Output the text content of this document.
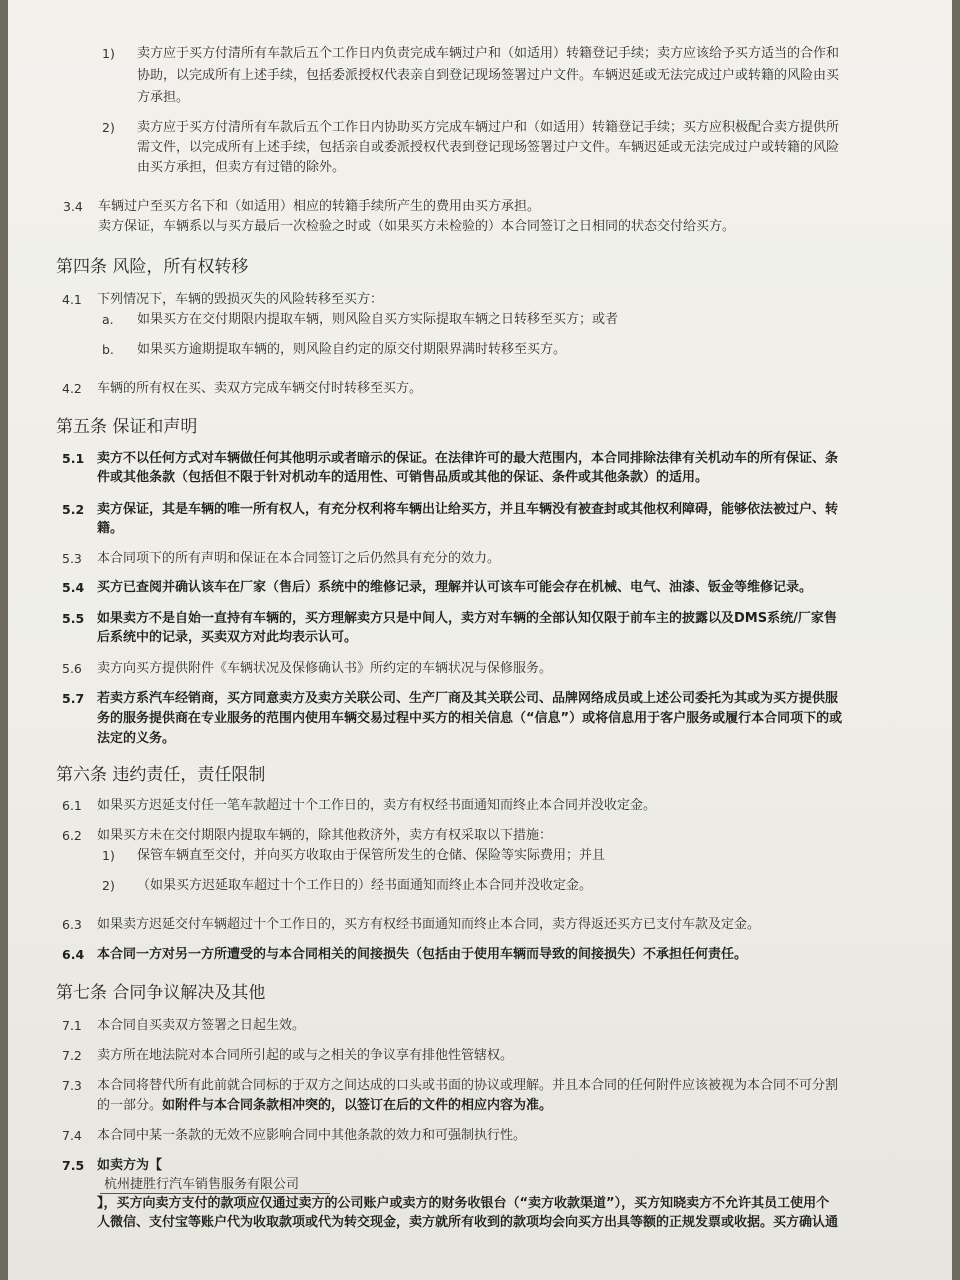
1) 卖方应于买方付清所有车款后五个工作日内负责完成车辆过户和（如适用）转籍登记手续；卖方应该给予买方适当的合作和
协助，以完成所有上述手续，包括委派授权代表亲自到登记现场签署过户文件。车辆迟延或无法完成过户或转籍的风险由买
方承担。
2) 卖方应于买方付清所有车款后五个工作日内协助买方完成车辆过户和（如适用）转籍登记手续；买方应积极配合卖方提供所
需文件，以完成所有上述手续，包括亲自或委派授权代表到登记现场签署过户文件。车辆迟延或无法完成过户或转籍的风险
由买方承担，但卖方有过错的除外。
3.4 车辆过户至买方名下和（如适用）相应的转籍手续所产生的费用由买方承担。
卖方保证，车辆系以与买方最后一次检验之时或（如果买方未检验的）本合同签订之日相同的状态交付给买方。
第四条 风险，所有权转移
4.1 下列情况下，车辆的毁损灭失的风险转移至买方：
a. 如果买方在交付期限内提取车辆，则风险自买方实际提取车辆之日转移至买方；或者
b. 如果买方逾期提取车辆的，则风险自约定的原交付期限界满时转移至买方。
4.2 车辆的所有权在买、卖双方完成车辆交付时转移至买方。
第五条 保证和声明
5.1 卖方不以任何方式对车辆做任何其他明示或者暗示的保证。在法律许可的最大范围内，本合同排除法律有关机动车的所有保证、条
件或其他条款（包括但不限于针对机动车的适用性、可销售品质或其他的保证、条件或其他条款）的适用。
5.2 卖方保证，其是车辆的唯一所有权人，有充分权利将车辆出让给买方，并且车辆没有被查封或其他权利障碍，能够依法被过户、转
籍。
5.3 本合同项下的所有声明和保证在本合同签订之后仍然具有充分的效力。
5.4 买方已查阅并确认该车在厂家（售后）系统中的维修记录，理解并认可该车可能会存在机械、电气、油漆、钣金等维修记录。
5.5 如果卖方不是自始一直持有车辆的，买方理解卖方只是中间人，卖方对车辆的全部认知仅限于前车主的披露以及DMS系统/厂家售
后系统中的记录，买卖双方对此均表示认可。
5.6 卖方向买方提供附件《车辆状况及保修确认书》所约定的车辆状况与保修服务。
5.7 若卖方系汽车经销商，买方同意卖方及卖方关联公司、生产厂商及其关联公司、品牌网络成员或上述公司委托为其或为买方提供服
务的服务提供商在专业服务的范围内使用车辆交易过程中买方的相关信息（“信息”）或将信息用于客户服务或履行本合同项下的或
法定的义务。
第六条 违约责任，责任限制
6.1 如果买方迟延支付任一笔车款超过十个工作日的，卖方有权经书面通知而终止本合同并没收定金。
6.2 如果买方未在交付期限内提取车辆的，除其他救济外，卖方有权采取以下措施：
1) 保管车辆直至交付，并向买方收取由于保管所发生的仓储、保险等实际费用；并且
2) （如果买方迟延取车超过十个工作日的）经书面通知而终止本合同并没收定金。
6.3 如果卖方迟延交付车辆超过十个工作日的，买方有权经书面通知而终止本合同，卖方得返还买方已支付车款及定金。
6.4 本合同一方对另一方所遭受的与本合同相关的间接损失（包括由于使用车辆而导致的间接损失）不承担任何责任。
第七条 合同争议解决及其他
7.1 本合同自买卖双方签署之日起生效。
7.2 卖方所在地法院对本合同所引起的或与之相关的争议享有排他性管辖权。
7.3 本合同将替代所有此前就合同标的于双方之间达成的口头或书面的协议或理解。并且本合同的任何附件应该被视为本合同不可分割
的一部分。如附件与本合同条款相冲突的，以签订在后的文件的相应内容为准。
7.4 本合同中某一条款的无效不应影响合同中其他条款的效力和可强制执行性。
7.5 如卖方为【
杭州捷胜行汽车销售服务有限公司
】，买方向卖方支付的款项应仅通过卖方的公司账户或卖方的财务收银台（“卖方收款渠道”），买方知晓卖方不允许其员工使用个
人微信、支付宝等账户代为收取款项或代为转交现金，卖方就所有收到的款项均会向买方出具等额的正规发票或收据。买方确认通
